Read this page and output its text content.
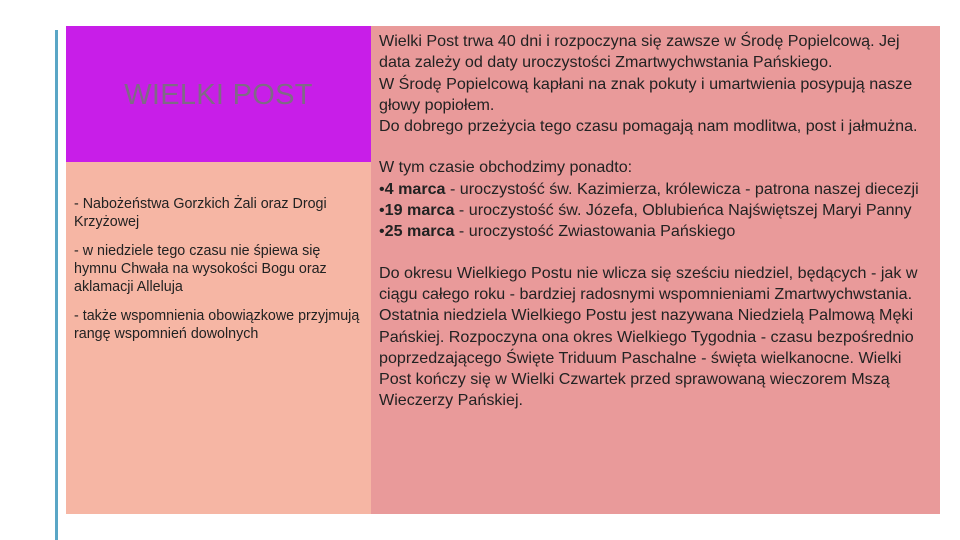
WIELKI POST

- Nabożeństwa Gorzkich Żali oraz Drogi Krzyżowej

- w niedziele tego czasu nie śpiewa się hymnu Chwała na wysokości Bogu oraz aklamacji Alleluja

- także wspomnienia obowiązkowe przyjmują rangę wspomnień dowolnych

Wielki Post trwa 40 dni i rozpoczyna się zawsze w Środę Popielcową. Jej data zależy od daty uroczystości Zmartwychwstania Pańskiego.
W Środę Popielcową kapłani na znak pokuty i umartwienia posypują nasze głowy popiołem.
Do dobrego przeżycia tego czasu pomagają nam modlitwa, post i jałmużna.

W tym czasie obchodzimy ponadto:

•4 marca - uroczystość św. Kazimierza, królewicza - patrona naszej diecezji
•19 marca - uroczystość św. Józefa, Oblubieńca Najświętszej Maryi Panny
•25 marca - uroczystość Zwiastowania Pańskiego

Do okresu Wielkiego Postu nie wlicza się sześciu niedziel, będących - jak w ciągu całego roku - bardziej radosnymi wspomnieniami Zmartwychwstania. Ostatnia niedziela Wielkiego Postu jest nazywana Niedzielą Palmową Męki Pańskiej. Rozpoczyna ona okres Wielkiego Tygodnia - czasu bezpośrednio poprzedzającego Święte Triduum Paschalne - święta wielkanocne. Wielki Post kończy się w Wielki Czwartek przed sprawowaną wieczorem Mszą Wieczerzy Pańskiej.
